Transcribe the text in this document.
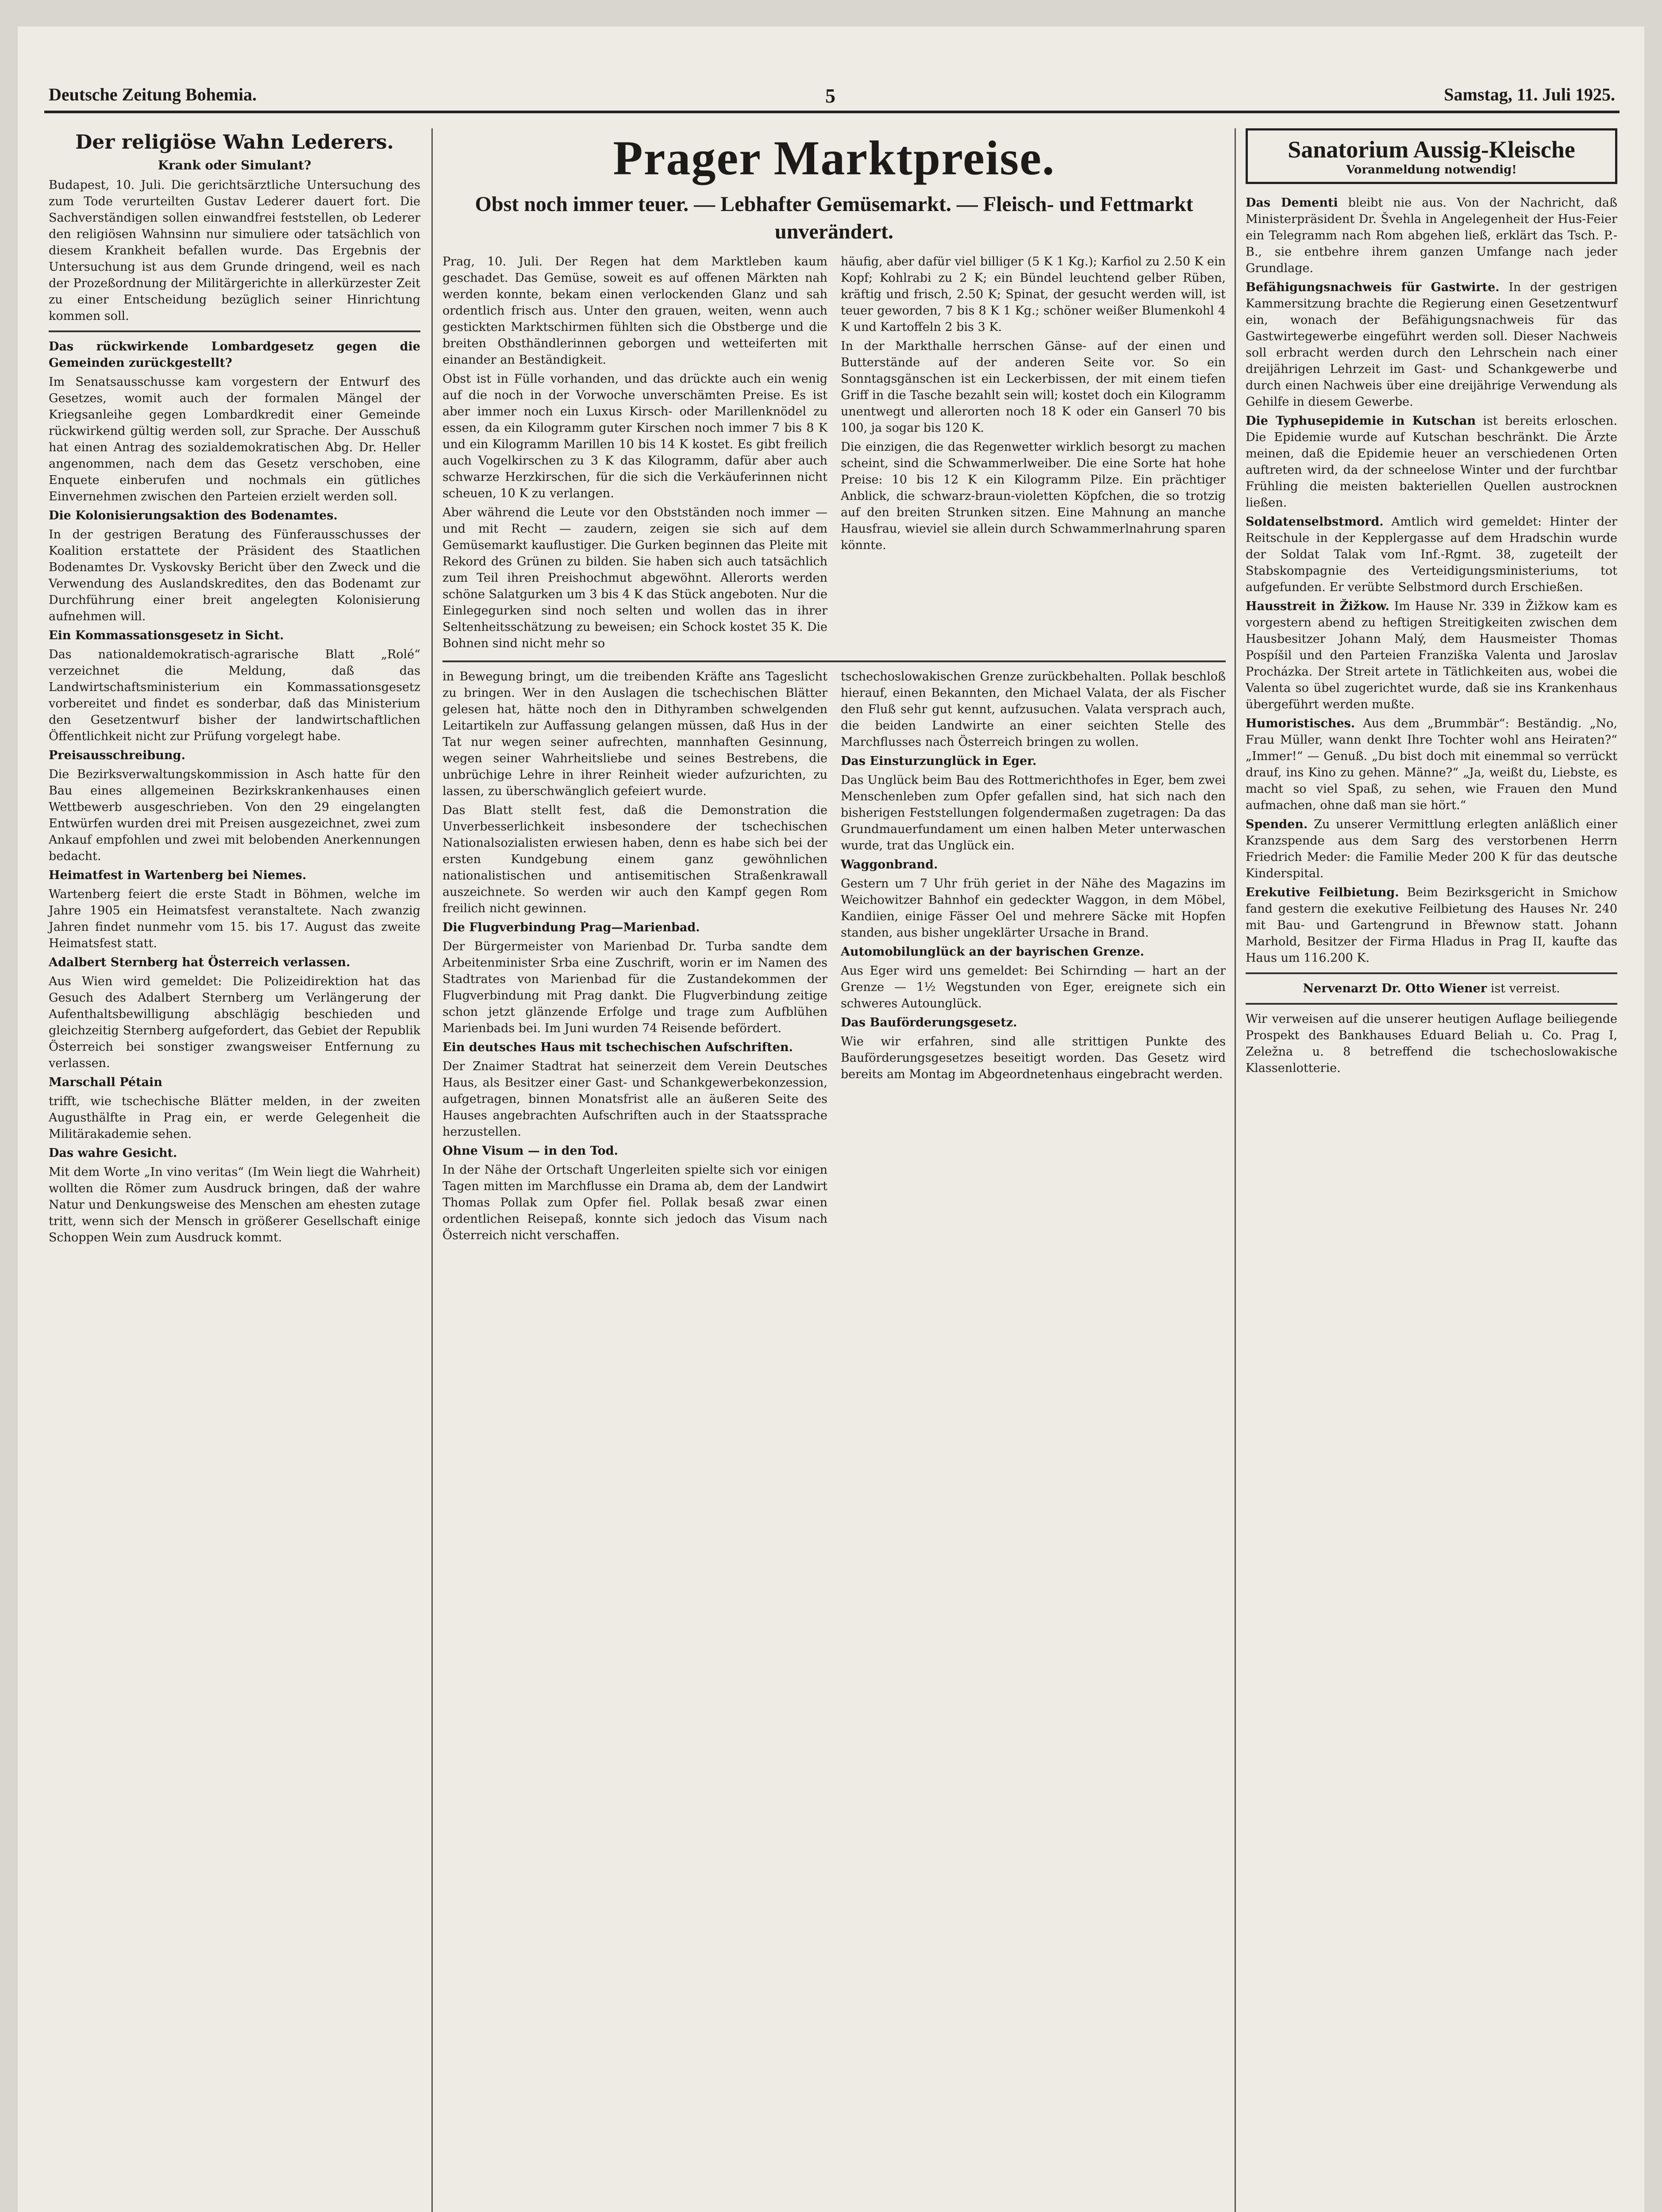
Deutsche Zeitung Bohemia.	5	Samstag, 11. Juli 1925.
Der religiöse Wahn Lederers.
Krank oder Simulant?

Budapest, 10. Juli. Die gerichtsärztliche Untersuchung des zum Tode verurteilten Gustav Lederer dauert fort. Die Sachverständigen sollen einwandfrei feststellen, ob Lederer den religiösen Wahnsinn nur simuliere oder tatsächlich von diesem Krankheit befallen wurde. Das Ergebnis der Untersuchung ist aus dem Grunde dringend, weil es nach der Prozeßordnung der Militärgerichte in allerkürzester Zeit zu einer Entscheidung bezüglich seiner Hinrichtung kommen soll.

Das rückwirkende Lombardgesetz gegen die Gemeinden zurückgestellt?

Im Senatsausschusse kam vorgestern der Entwurf des Gesetzes, womit auch der formalen Mängel der Kriegsanleihe gegen Lombardkredit einer Gemeinde rückwirkend gültig werden soll, zur Sprache. Der Ausschuß hat einen Antrag des sozialdemokratischen Abg. Dr. Heller angenommen, nach dem das Gesetz verschoben, eine Enquete einberufen und nochmals ein gütliches Einvernehmen zwischen den Parteien erzielt werden soll.

Die Kolonisierungsaktion des Bodenamtes.

In der gestrigen Beratung des Fünferausschusses der Koalition erstattete der Präsident des Staatlichen Bodenamtes Dr. Vyskovsky Bericht über den Zweck und die Verwendung des Auslandskredites, den das Bodenamt zur Durchführung einer breit angelegten Kolonisierung aufnehmen will.

Ein Kommassationsgesetz in Sicht.

Das nationaldemokratisch-agrarische Blatt „Rolé“ verzeichnet die Meldung, daß das Landwirtschaftsministerium ein Kommassationsgesetz vorbereitet und findet es sonderbar, daß das Ministerium den Gesetzentwurf bisher der landwirtschaftlichen Öffentlichkeit nicht zur Prüfung vorgelegt habe.

Preisausschreibung.

Die Bezirksverwaltungskommission in Asch hatte für den Bau eines allgemeinen Bezirkskrankenhauses einen Wettbewerb ausgeschrieben. Von den 29 eingelangten Entwürfen wurden drei mit Preisen ausgezeichnet, zwei zum Ankauf empfohlen und zwei mit belobenden Anerkennungen bedacht.

Heimatfest in Wartenberg bei Niemes.

Wartenberg feiert die erste Stadt in Böhmen, welche im Jahre 1905 ein Heimatsfest veranstaltete. Nach zwanzig Jahren findet nunmehr vom 15. bis 17. August das zweite Heimatsfest statt.

Adalbert Sternberg hat Österreich verlassen.

Aus Wien wird gemeldet: Die Polizeidirektion hat das Gesuch des Adalbert Sternberg um Verlängerung der Aufenthaltsbewilligung abschlägig beschieden und gleichzeitig Sternberg aufgefordert, das Gebiet der Republik Österreich bei sonstiger zwangsweiser Entfernung zu verlassen.

Marschall Pétain

trifft, wie tschechische Blätter melden, in der zweiten Augusthälfte in Prag ein, er werde Gelegenheit die Militärakademie sehen.

Das wahre Gesicht.

Mit dem Worte „In vino veritas“ (Im Wein liegt die Wahrheit) wollten die Römer zum Ausdruck bringen, daß der wahre Natur und Denkungsweise des Menschen am ehesten zutage tritt, wenn sich der Mensch in größerer Gesellschaft einige Schoppen Wein zum Ausdruck kommt.

Prager Marktpreise.
Obst noch immer teuer. — Lebhafter Gemüsemarkt. — Fleisch- und Fettmarkt unverändert.

Prag, 10. Juli. Der Regen hat dem Marktleben kaum geschadet. Das Gemüse, soweit es auf offenen Märkten nah werden konnte, bekam einen verlockenden Glanz und sah ordentlich frisch aus. Unter den grauen, weiten, wenn auch gestickten Marktschirmen fühlten sich die Obstberge und die breiten Obsthändlerinnen geborgen und wetteiferten mit einander an Beständigkeit.

Obst ist in Fülle vorhanden, und das drückte auch ein wenig auf die noch in der Vorwoche unverschämten Preise. Es ist aber immer noch ein Luxus Kirsch- oder Marillenknödel zu essen, da ein Kilogramm guter Kirschen noch immer 7 bis 8 K und ein Kilogramm Marillen 10 bis 14 K kostet. Es gibt freilich auch Vogelkirschen zu 3 K das Kilogramm, dafür aber auch schwarze Herzkirschen, für die sich die Verkäuferinnen nicht scheuen, 10 K zu verlangen.

Aber während die Leute vor den Obstständen noch immer — und mit Recht — zaudern, zeigen sie sich auf dem Gemüsemarkt kauflustiger. Die Gurken beginnen das Pleite mit Rekord des Grünen zu bilden. Sie haben sich auch tatsächlich zum Teil ihren Preishochmut abgewöhnt. Allerorts werden schöne Salatgurken um 3 bis 4 K das Stück angeboten. Nur die Einlegegurken sind noch selten und wollen das in ihrer Seltenheitsschätzung zu beweisen; ein Schock kostet 35 K. Die Bohnen sind nicht mehr so

häufig, aber dafür viel billiger (5 K 1 Kg.); Karfiol zu 2.50 K ein Kopf; Kohlrabi zu 2 K; ein Bündel leuchtend gelber Rüben, kräftig und frisch, 2.50 K; Spinat, der gesucht werden will, ist teuer geworden, 7 bis 8 K 1 Kg.; schöner weißer Blumenkohl 4 K und Kartoffeln 2 bis 3 K.

In der Markthalle herrschen Gänse- auf der einen und Butterstände auf der anderen Seite vor. So ein Sonntagsgänschen ist ein Leckerbissen, der mit einem tiefen Griff in die Tasche bezahlt sein will; kostet doch ein Kilogramm unentwegt und allerorten noch 18 K oder ein Ganserl 70 bis 100, ja sogar bis 120 K.

Die einzigen, die das Regenwetter wirklich besorgt zu machen scheint, sind die Schwammerlweiber. Die eine Sorte hat hohe Preise: 10 bis 12 K ein Kilogramm Pilze. Ein prächtiger Anblick, die schwarz-braun-violetten Köpfchen, die so trotzig auf den breiten Strunken sitzen. Eine Mahnung an manche Hausfrau, wieviel sie allein durch Schwammerlnahrung sparen könnte.

in Bewegung bringt, um die treibenden Kräfte ans Tageslicht zu bringen. Wer in den Auslagen die tschechischen Blätter gelesen hat, hätte noch den in Dithyramben schwelgenden Leitartikeln zur Auffassung gelangen müssen, daß Hus in der Tat nur wegen seiner aufrechten, mannhaften Gesinnung, wegen seiner Wahrheitsliebe und seines Bestrebens, die unbrüchige Lehre in ihrer Reinheit wieder aufzurichten, zu lassen, zu überschwänglich gefeiert wurde.

Das Blatt stellt fest, daß die Demonstration die Unverbesserlichkeit insbesondere der tschechischen Nationalsozialisten erwiesen haben, denn es habe sich bei der ersten Kundgebung einem ganz gewöhnlichen nationalistischen und antisemitischen Straßenkrawall auszeichnete. So werden wir auch den Kampf gegen Rom freilich nicht gewinnen.

Die Flugverbindung Prag—Marienbad.

Der Bürgermeister von Marienbad Dr. Turba sandte dem Arbeitenminister Srba eine Zuschrift, worin er im Namen des Stadtrates von Marienbad für die Zustandekommen der Flugverbindung mit Prag dankt. Die Flugverbindung zeitige schon jetzt glänzende Erfolge und trage zum Aufblühen Marienbads bei. Im Juni wurden 74 Reisende befördert.

Ein deutsches Haus mit tschechischen Aufschriften.

Der Znaimer Stadtrat hat seinerzeit dem Verein Deutsches Haus, als Besitzer einer Gast- und Schankgewerbekonzession, aufgetragen, binnen Monatsfrist alle an äußeren Seite des Hauses angebrachten Aufschriften auch in der Staatssprache herzustellen.

Ohne Visum — in den Tod.

In der Nähe der Ortschaft Ungerleiten spielte sich vor einigen Tagen mitten im Marchflusse ein Drama ab, dem der Landwirt Thomas Pollak zum Opfer fiel. Pollak besaß zwar einen ordentlichen Reisepaß, konnte sich jedoch das Visum nach Österreich nicht verschaffen.

tschechoslowakischen Grenze zurückbehalten. Pollak beschloß hierauf, einen Bekannten, den Michael Valata, der als Fischer den Fluß sehr gut kennt, aufzusuchen. Valata versprach auch, die beiden Landwirte an einer seichten Stelle des Marchflusses nach Österreich bringen zu wollen.

Das Einsturzunglück in Eger.

Das Unglück beim Bau des Rottmerichthofes in Eger, bem zwei Menschenleben zum Opfer gefallen sind, hat sich nach den bisherigen Feststellungen folgendermaßen zugetragen: Da das Grundmauerfundament um einen halben Meter unterwaschen wurde, trat das Unglück ein.

Waggonbrand.

Gestern um 7 Uhr früh geriet in der Nähe des Magazins im Weichowitzer Bahnhof ein gedeckter Waggon, in dem Möbel, Kandiien, einige Fässer Oel und mehrere Säcke mit Hopfen standen, aus bisher ungeklärter Ursache in Brand.

Automobilunglück an der bayrischen Grenze.

Aus Eger wird uns gemeldet: Bei Schirnding — hart an der Grenze — 1½ Wegstunden von Eger, ereignete sich ein schweres Autounglück.

Das Bauförderungsgesetz.

Wie wir erfahren, sind alle strittigen Punkte des Bauförderungsgesetzes beseitigt worden. Das Gesetz wird bereits am Montag im Abgeordnetenhaus eingebracht werden.

Sanatorium Aussig-Kleische
Voranmeldung notwendig!

Das Dementi bleibt nie aus. Von der Nachricht, daß Ministerpräsident Dr. Švehla in Angelegenheit der Hus-Feier ein Telegramm nach Rom abgehen ließ, erklärt das Tsch. P.-B., sie entbehre ihrem ganzen Umfange nach jeder Grundlage.

Befähigungsnachweis für Gastwirte. In der gestrigen Kammersitzung brachte die Regierung einen Gesetzentwurf ein, wonach der Befähigungsnachweis für das Gastwirtegewerbe eingeführt werden soll. Dieser Nachweis soll erbracht werden durch den Lehrschein nach einer dreijährigen Lehrzeit im Gast- und Schankgewerbe und durch einen Nachweis über eine dreijährige Verwendung als Gehilfe in diesem Gewerbe.

Die Typhusepidemie in Kutschan ist bereits erloschen. Die Epidemie wurde auf Kutschan beschränkt. Die Ärzte meinen, daß die Epidemie heuer an verschiedenen Orten auftreten wird, da der schneelose Winter und der furchtbar Frühling die meisten bakteriellen Quellen austrocknen ließen.

Soldatenselbstmord. Amtlich wird gemeldet: Hinter der Reitschule in der Kepplergasse auf dem Hradschin wurde der Soldat Talak vom Inf.-Rgmt. 38, zugeteilt der Stabskompagnie des Verteidigungsministeriums, tot aufgefunden. Er verübte Selbstmord durch Erschießen.

Hausstreit in Žižkow. Im Hause Nr. 339 in Žižkow kam es vorgestern abend zu heftigen Streitigkeiten zwischen dem Hausbesitzer Johann Malý, dem Hausmeister Thomas Pospíšil und den Parteien Franziška Valenta und Jaroslav Procházka. Der Streit artete in Tätlichkeiten aus, wobei die Valenta so übel zugerichtet wurde, daß sie ins Krankenhaus übergeführt werden mußte.

Humoristisches. Aus dem „Brummbär“: Beständig. „No, Frau Müller, wann denkt Ihre Tochter wohl ans Heiraten?“ „Immer!“ — Genuß. „Du bist doch mit einemmal so verrückt drauf, ins Kino zu gehen. Männe?“ „Ja, weißt du, Liebste, es macht so viel Spaß, zu sehen, wie Frauen den Mund aufmachen, ohne daß man sie hört.“

Spenden. Zu unserer Vermittlung erlegten anläßlich einer Kranzspende aus dem Sarg des verstorbenen Herrn Friedrich Meder: die Familie Meder 200 K für das deutsche Kinderspital.

Erekutive Feilbietung. Beim Bezirksgericht in Smichow fand gestern die exekutive Feilbietung des Hauses Nr. 240 mit Bau- und Gartengrund in Břewnow statt. Johann Marhold, Besitzer der Firma Hladus in Prag II, kaufte das Haus um 116.200 K.

Nervenarzt Dr. Otto Wiener ist verreist.

Wir verweisen auf die unserer heutigen Auflage beiliegende Prospekt des Bankhauses Eduard Beliah u. Co. Prag I, Zeležna u. 8 betreffend die tschechoslowakische Klassenlotterie.
